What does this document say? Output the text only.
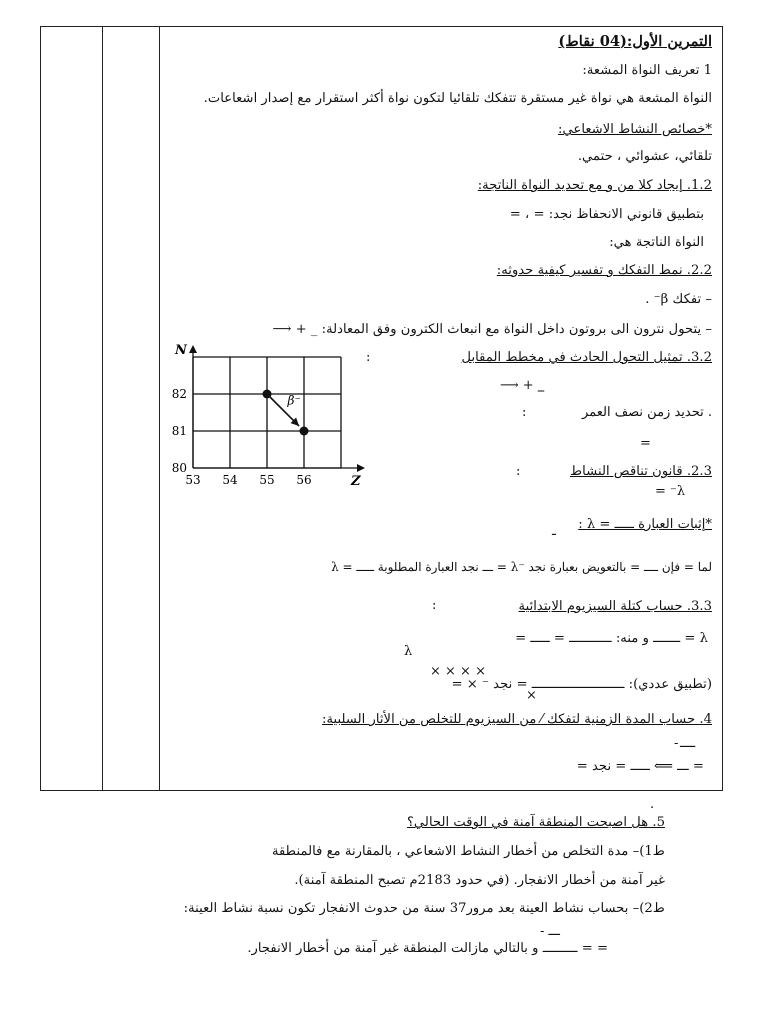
التمرين الأول:(04 نقاط)
1 تعريف النواة المشعة:
النواة المشعة هي نواة غير مستقرة تتفكك تلقائيا لتكون نواة أكثر استقرار مع إصدار اشعاعات.
*خصائص النشاط الاشعاعي:
تلقائي، عشوائي ، حتمي.
1.2. إيجاد كلا من و مع تحديد النواة الناتجة:
بتطبيق قانوني الانحفاظ نجد: = ، =
النواة الناتجة هي:
2.2. نمط التفكك و تفسير كيفية حدوثه:
– تفكك β⁻ .
– يتحول نترون الى بروتون داخل النواة مع انبعاث الكترون وفق المعادلة: _ + ⟶
3.2. تمثيل التحول الحادث في مخطط المقابل
:
⟶ + ‗
. تحديد زمن نصف العمر
:
=
2.3. قانون تناقص النشاط
:
= ⁻λ
*إثبات العبارة ـــــ = λ :
ـ
لما = فإن ــــ = بالتعويض بعبارة نجد ⁻λ = ـــ نجد العبارة المطلوبة ـــــ = λ
3.3. حساب كتلة السيزيوم الابتدائية
:
λ = ـــــــ و منه: ـــــــــــ = ـــــ =
λ
(تطبيق عددي): ــــــــــــــــــــــــ = نجد ⁻ × =
× × × ×
×
4. حساب المدة الزمنية لتفكك ⁄ من السيزيوم للتخلص من الأثار السلبية:
ــــ
-
= ـــ ⟸ ـــــ = نجد =
Z
N
53 54 55 56
80
81
82	β⁻
.
5. هل اصبحت المنطقة آمنة في الوقت الحالي؟
ط1)– مدة التخلص من أخطار النشاط الاشعاعي ، بالمقارنة مع فالمنطقة
غير آمنة من أخطار الانفجار. (في حدود 2183م تصبح المنطقة آمنة).
ط2)– بحساب نشاط العينة بعد مرور37 سنة من حدوث الانفجار تكون نسبة نشاط العينة:
- ـــ
= = ـــــــــ و بالتالي مازالت المنطقة غير آمنة من أخطار الانفجار.
